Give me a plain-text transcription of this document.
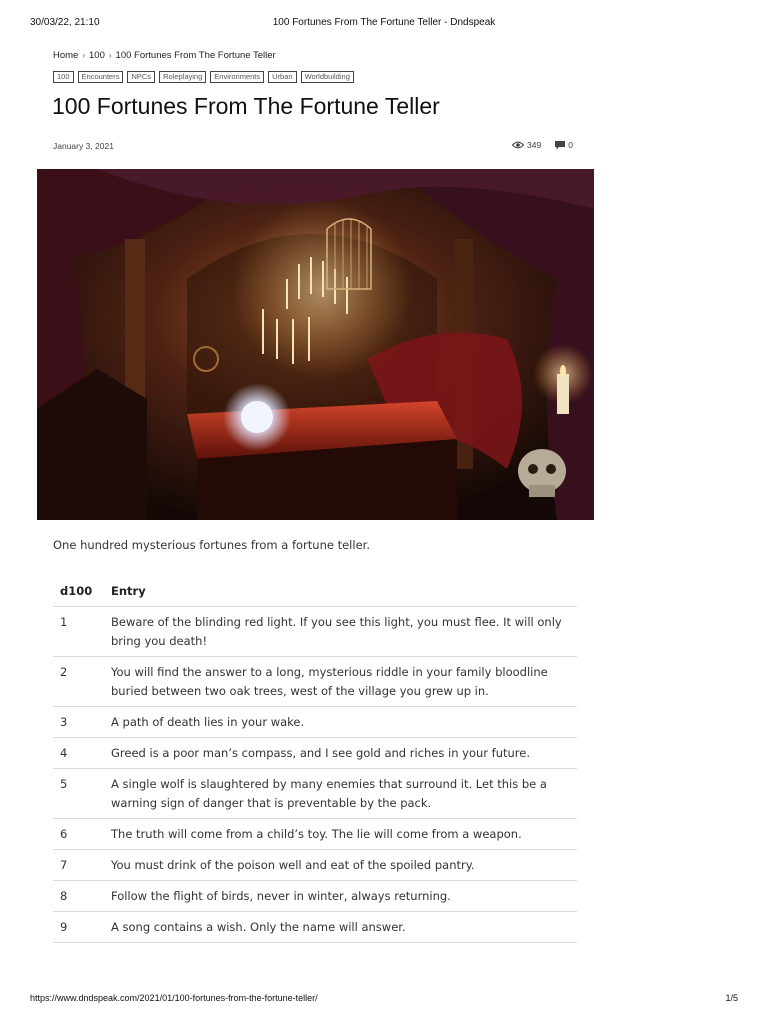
30/03/22, 21:10	100 Fortunes From The Fortune Teller - Dndspeak
Home › 100 › 100 Fortunes From The Fortune Teller
100	Encounters	NPCs	Roleplaying	Environments	Urban	Worldbuilding
100 Fortunes From The Fortune Teller
January 3, 2021	349	0

One hundred mysterious fortunes from a fortune teller.

d100	Entry
1	Beware of the blinding red light. If you see this light, you must flee. It will only bring you death!
2	You will find the answer to a long, mysterious riddle in your family bloodline buried between two oak trees, west of the village you grew up in.
3	A path of death lies in your wake.
4	Greed is a poor man’s compass, and I see gold and riches in your future.
5	A single wolf is slaughtered by many enemies that surround it. Let this be a warning sign of danger that is preventable by the pack.
6	The truth will come from a child’s toy. The lie will come from a weapon.
7	You must drink of the poison well and eat of the spoiled pantry.
8	Follow the flight of birds, never in winter, always returning.
9	A song contains a wish. Only the name will answer.
https://www.dndspeak.com/2021/01/100-fortunes-from-the-fortune-teller/	1/5
